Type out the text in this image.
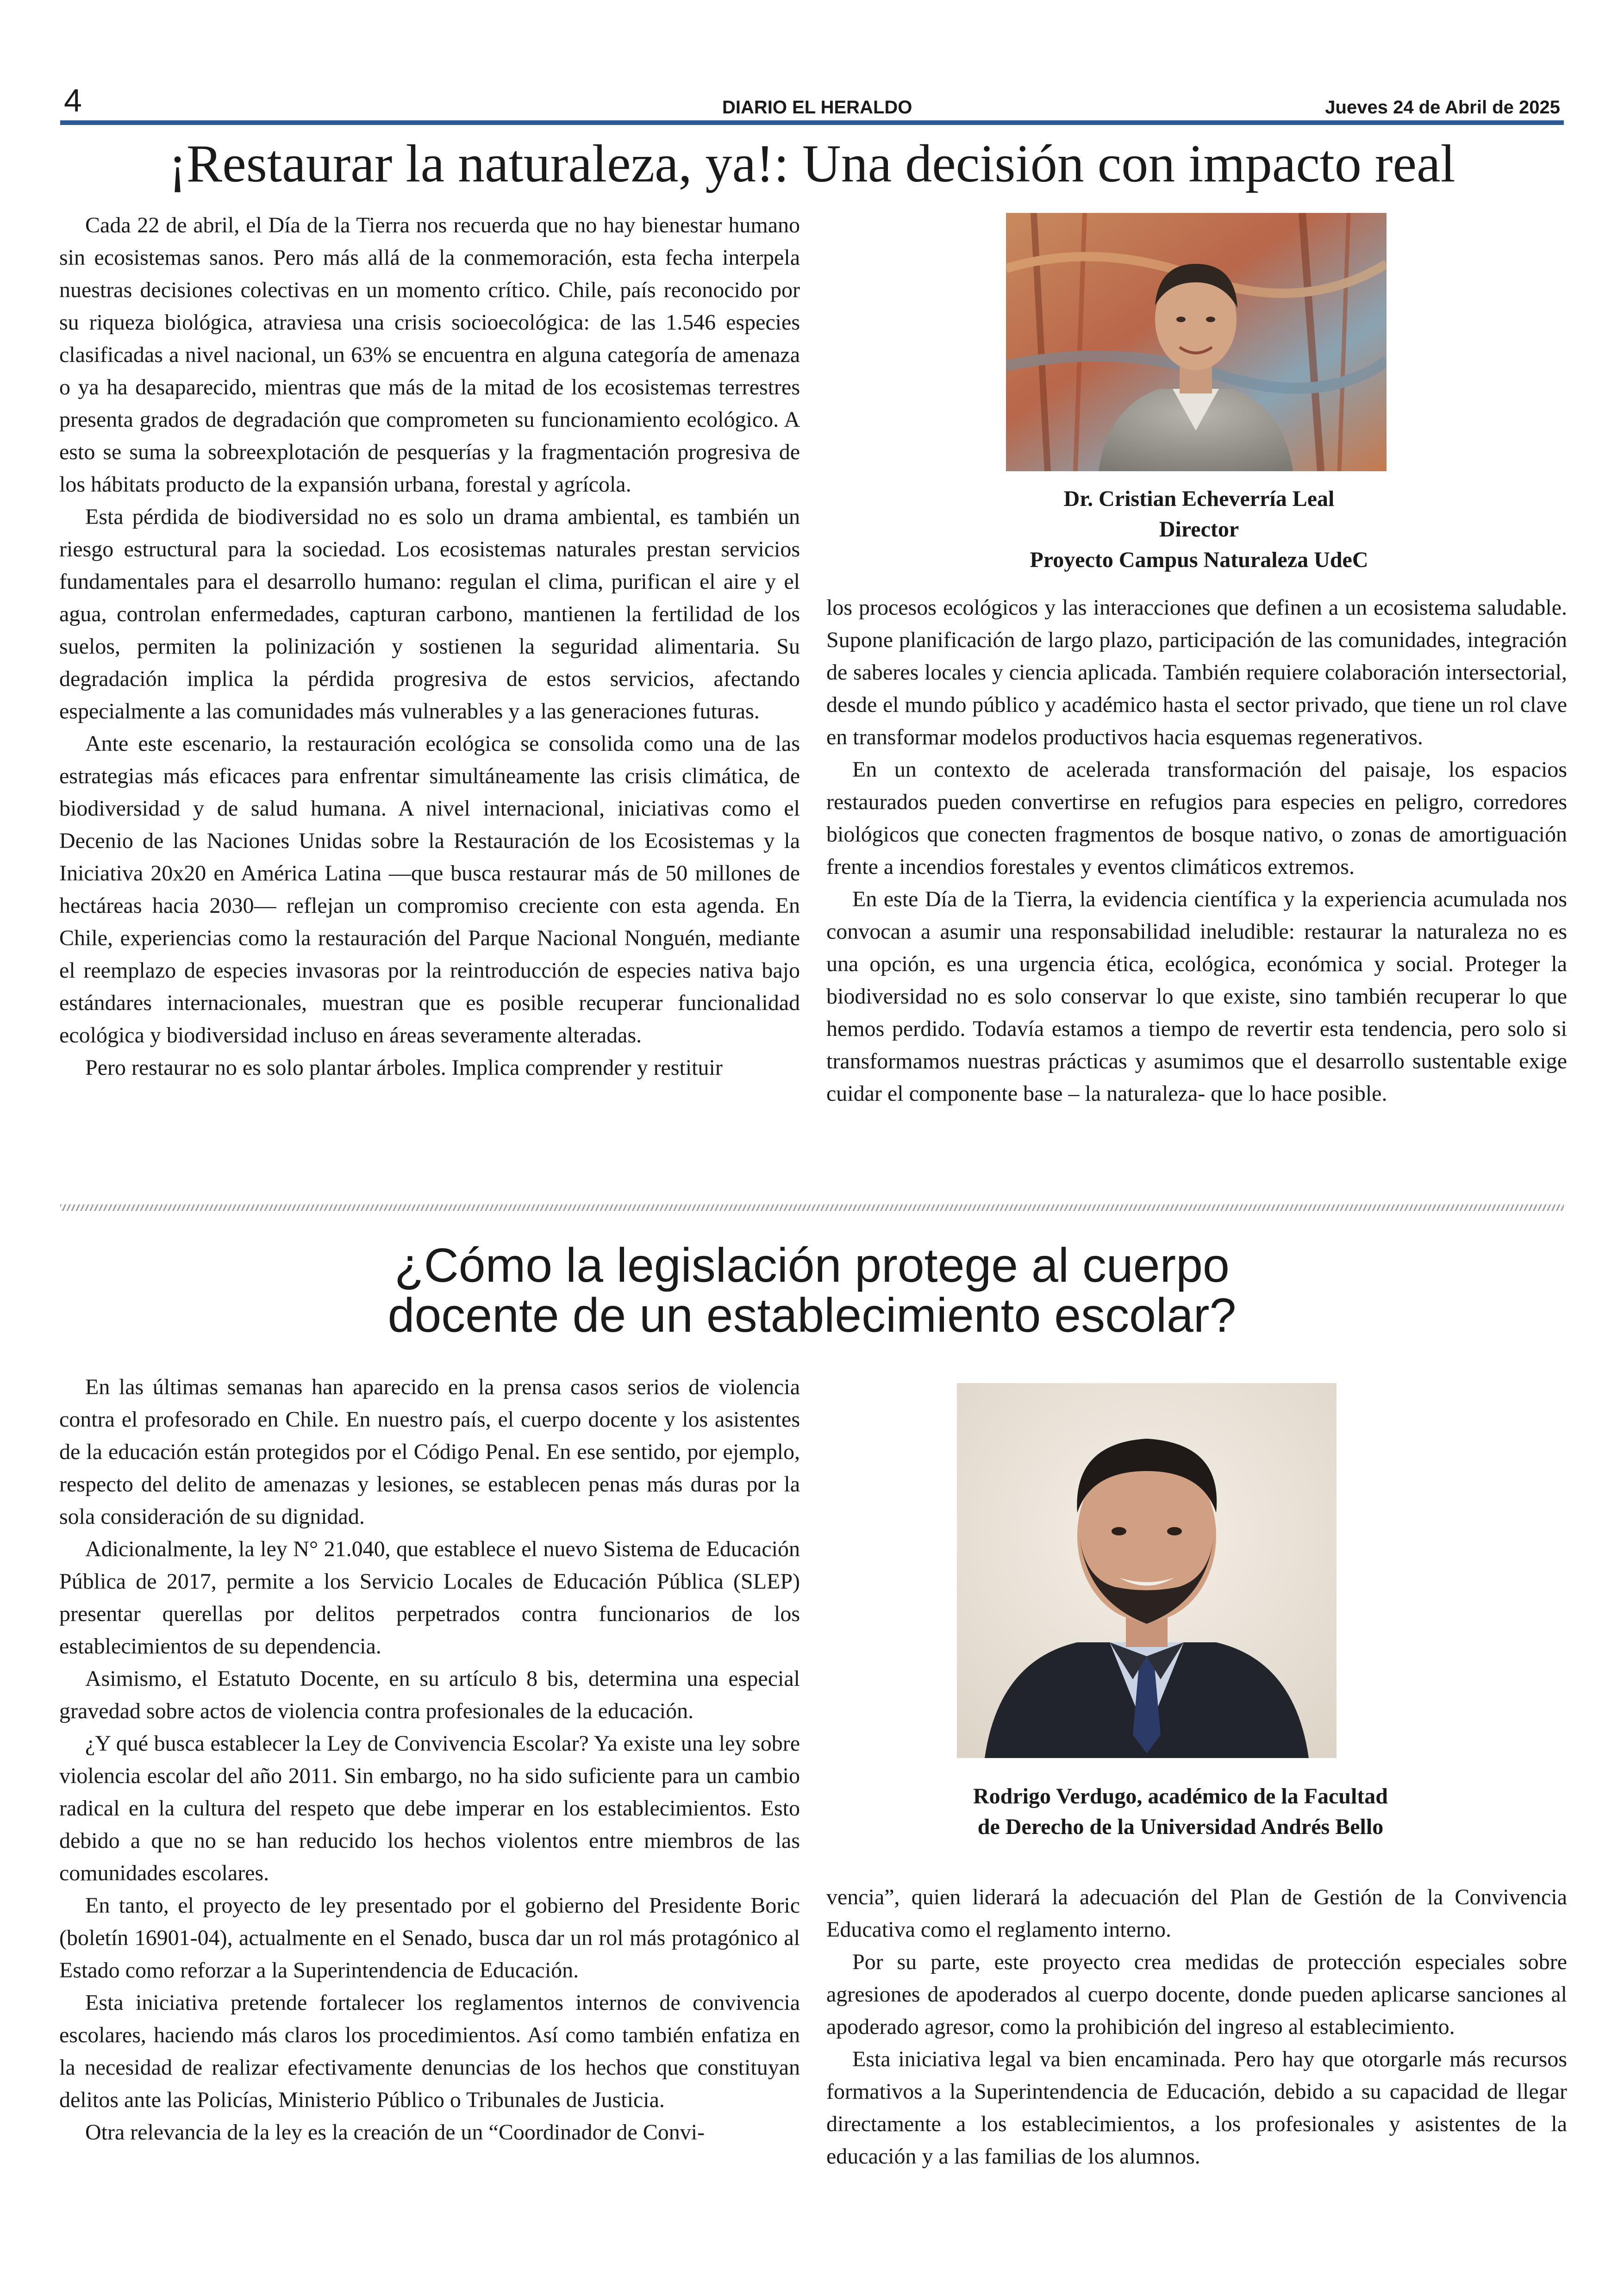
4	DIARIO EL HERALDO	Jueves 24 de Abril de 2025
¡Restaurar la naturaleza, ya!: Una decisión con impacto real

Cada 22 de abril, el Día de la Tierra nos recuerda que no hay bienestar humano sin ecosistemas sanos. Pero más allá de la conmemoración, esta fecha interpela nuestras decisiones colectivas en un momento crítico. Chile, país reconocido por su riqueza biológica, atraviesa una crisis socioecológica: de las 1.546 especies clasificadas a nivel nacional, un 63% se encuentra en alguna categoría de amenaza o ya ha desaparecido, mientras que más de la mitad de los ecosistemas terrestres presenta grados de degradación que comprometen su funcionamiento ecológico. A esto se suma la sobreexplotación de pesquerías y la fragmentación progresiva de los hábitats producto de la expansión urbana, forestal y agrícola.

Esta pérdida de biodiversidad no es solo un drama ambiental, es también un riesgo estructural para la sociedad. Los ecosistemas naturales prestan servicios fundamentales para el desarrollo humano: regulan el clima, purifican el aire y el agua, controlan enfermedades, capturan carbono, mantienen la fertilidad de los suelos, permiten la polinización y sostienen la seguridad alimentaria. Su degradación implica la pérdida progresiva de estos servicios, afectando especialmente a las comunidades más vulnerables y a las generaciones futuras.

Ante este escenario, la restauración ecológica se consolida como una de las estrategias más eficaces para enfrentar simultáneamente las crisis climática, de biodiversidad y de salud humana. A nivel internacional, iniciativas como el Decenio de las Naciones Unidas sobre la Restauración de los Ecosistemas y la Iniciativa 20x20 en América Latina —que busca restaurar más de 50 millones de hectáreas hacia 2030— reflejan un compromiso creciente con esta agenda. En Chile, experiencias como la restauración del Parque Nacional Nonguén, mediante el reemplazo de especies invasoras por la reintroducción de especies nativa bajo estándares internacionales, muestran que es posible recuperar funcionalidad ecológica y biodiversidad incluso en áreas severamente alteradas.

Pero restaurar no es solo plantar árboles. Implica comprender y restituir

Dr. Cristian Echeverría Leal
Director
Proyecto Campus Naturaleza UdeC

los procesos ecológicos y las interacciones que definen a un ecosistema saludable. Supone planificación de largo plazo, participación de las comunidades, integración de saberes locales y ciencia aplicada. También requiere colaboración intersectorial, desde el mundo público y académico hasta el sector privado, que tiene un rol clave en transformar modelos productivos hacia esquemas regenerativos.

En un contexto de acelerada transformación del paisaje, los espacios restaurados pueden convertirse en refugios para especies en peligro, corredores biológicos que conecten fragmentos de bosque nativo, o zonas de amortiguación frente a incendios forestales y eventos climáticos extremos.

En este Día de la Tierra, la evidencia científica y la experiencia acumulada nos convocan a asumir una responsabilidad ineludible: restaurar la naturaleza no es una opción, es una urgencia ética, ecológica, económica y social. Proteger la biodiversidad no es solo conservar lo que existe, sino también recuperar lo que hemos perdido. Todavía estamos a tiempo de revertir esta tendencia, pero solo si transformamos nuestras prácticas y asumimos que el desarrollo sustentable exige cuidar el componente base – la naturaleza- que lo hace posible.

¿Cómo la legislación protege al cuerpo
docente de un establecimiento escolar?

En las últimas semanas han aparecido en la prensa casos serios de violencia contra el profesorado en Chile. En nuestro país, el cuerpo docente y los asistentes de la educación están protegidos por el Código Penal. En ese sentido, por ejemplo, respecto del delito de amenazas y lesiones, se establecen penas más duras por la sola consideración de su dignidad.

Adicionalmente, la ley N° 21.040, que establece el nuevo Sistema de Educación Pública de 2017, permite a los Servicio Locales de Educación Pública (SLEP) presentar querellas por delitos perpetrados contra funcionarios de los establecimientos de su dependencia.

Asimismo, el Estatuto Docente, en su artículo 8 bis, determina una especial gravedad sobre actos de violencia contra profesionales de la educación.

¿Y qué busca establecer la Ley de Convivencia Escolar? Ya existe una ley sobre violencia escolar del año 2011. Sin embargo, no ha sido suficiente para un cambio radical en la cultura del respeto que debe imperar en los establecimientos. Esto debido a que no se han reducido los hechos violentos entre miembros de las comunidades escolares.

En tanto, el proyecto de ley presentado por el gobierno del Presidente Boric (boletín 16901-04), actualmente en el Senado, busca dar un rol más protagónico al Estado como reforzar a la Superintendencia de Educación.

Esta iniciativa pretende fortalecer los reglamentos internos de convivencia escolares, haciendo más claros los procedimientos. Así como también enfatiza en la necesidad de realizar efectivamente denuncias de los hechos que constituyan delitos ante las Policías, Ministerio Público o Tribunales de Justicia.

Otra relevancia de la ley es la creación de un “Coordinador de Convi-

Rodrigo Verdugo, académico de la Facultad
de Derecho de la Universidad Andrés Bello

vencia”, quien liderará la adecuación del Plan de Gestión de la Convivencia Educativa como el reglamento interno.

Por su parte, este proyecto crea medidas de protección especiales sobre agresiones de apoderados al cuerpo docente, donde pueden aplicarse sanciones al apoderado agresor, como la prohibición del ingreso al establecimiento.

Esta iniciativa legal va bien encaminada. Pero hay que otorgarle más recursos formativos a la Superintendencia de Educación, debido a su capacidad de llegar directamente a los establecimientos, a los profesionales y asistentes de la educación y a las familias de los alumnos.
